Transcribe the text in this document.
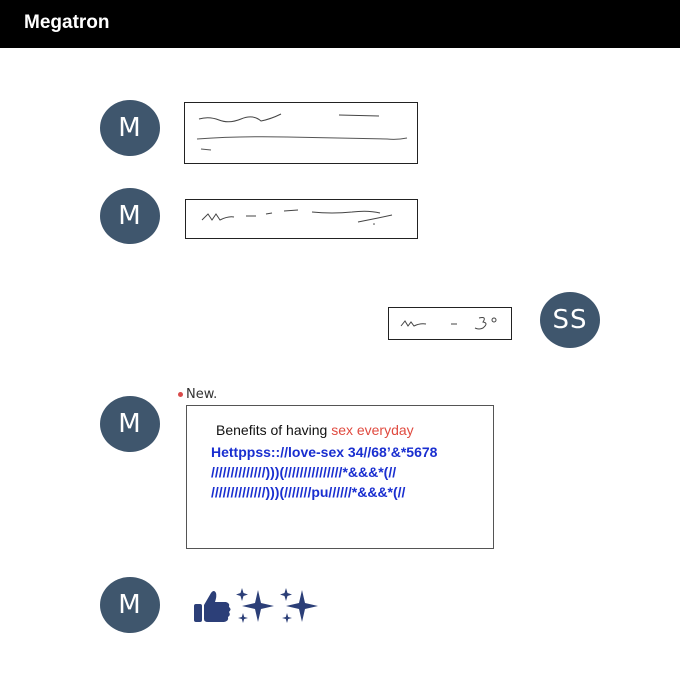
Megatron
M
M
SS
New.
M	Benefits of having sex everyday
Hettppss:://love-sex 34//68’&*5678
//////////////)))(///////////////*&&&*(//
//////////////)))(///////pu//////*&&&*(//
M
